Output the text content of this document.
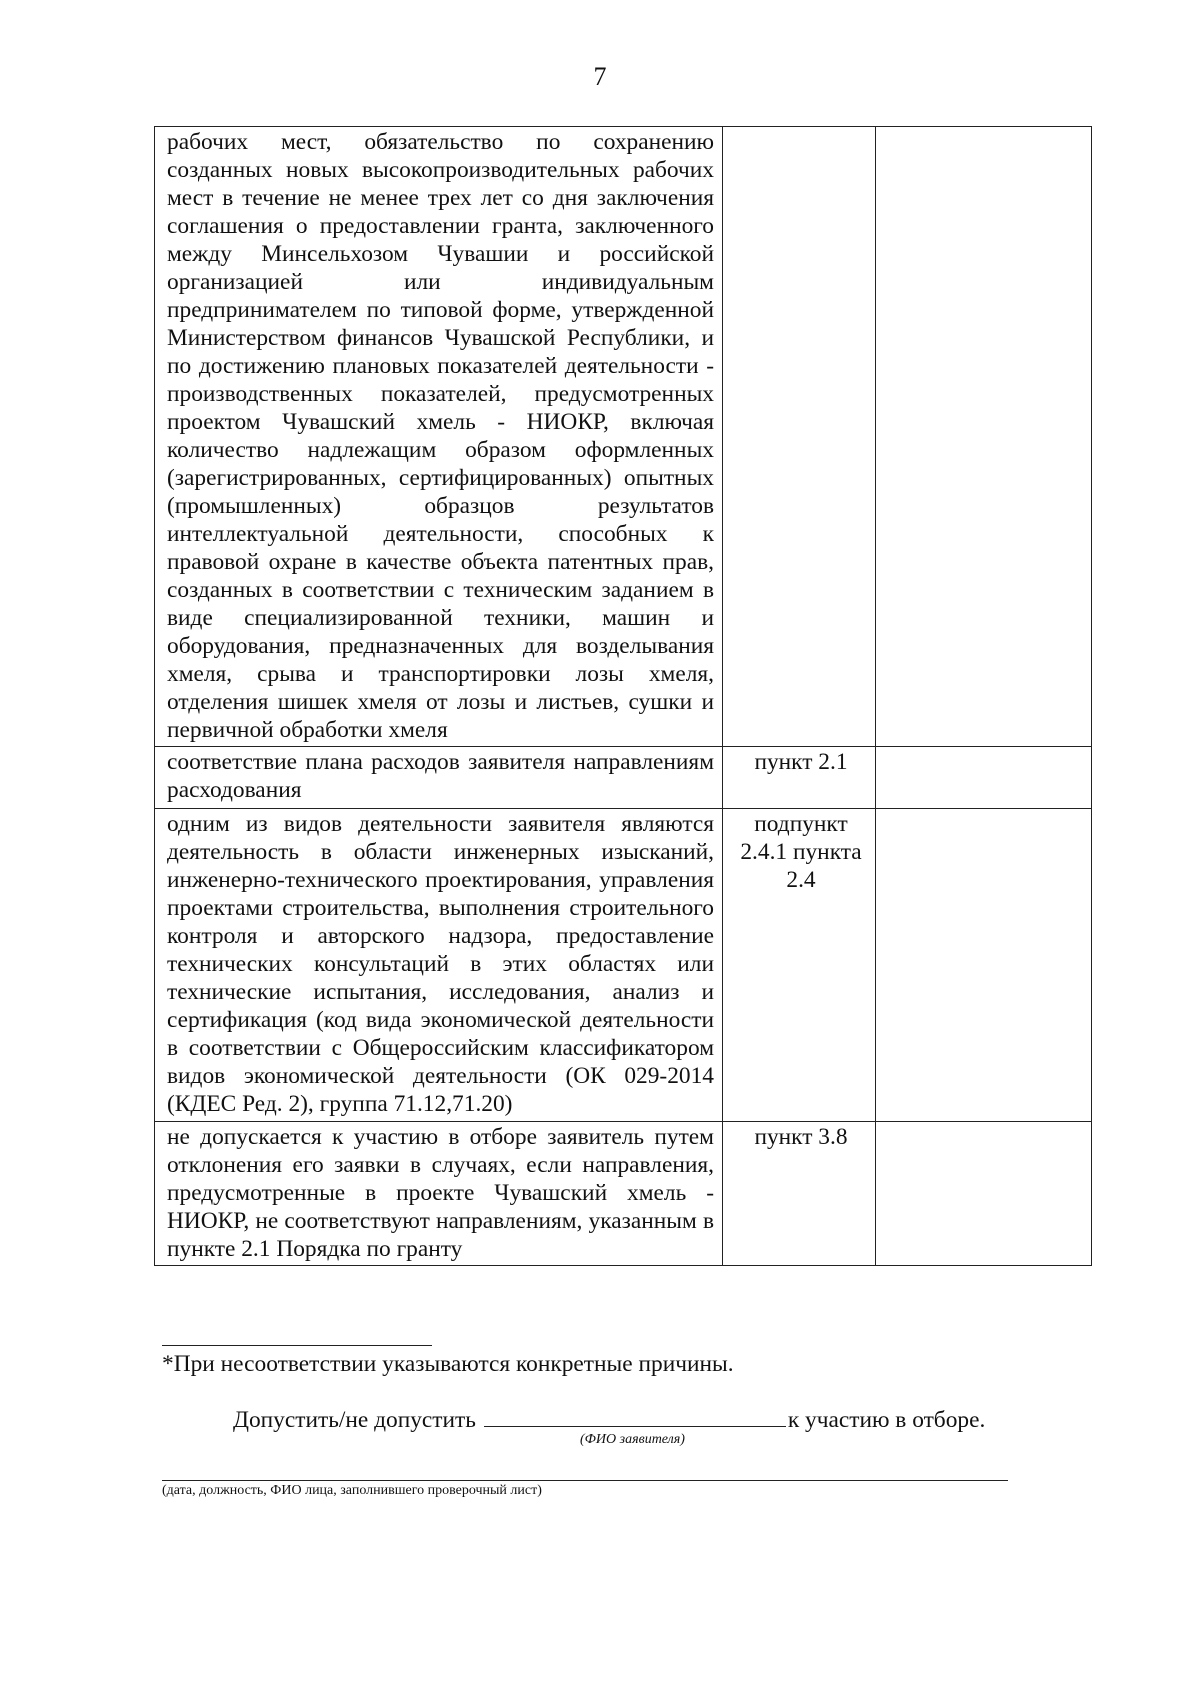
7
рабочих мест, обязательство по сохранению созданных новых высокопроизводительных рабочих мест в течение не менее трех лет со дня заключения соглашения о предоставлении гранта, заключенного между Минсельхозом Чувашии и российской организацией или индивидуальным предпринимателем по типовой форме, утвержденной Министерством финансов Чувашской Республики, и по достижению плановых показателей деятельности - производственных показателей, предусмотренных проектом Чувашский хмель - НИОКР, включая количество надлежащим образом оформленных (зарегистрированных, сертифицированных) опытных (промышленных) образцов результатов интеллектуальной деятельности, способных к правовой охране в качестве объекта патентных прав, созданных в соответствии с техническим заданием в виде специализированной техники, машин и оборудования, предназначенных для возделывания хмеля, срыва и транспортировки лозы хмеля, отделения шишек хмеля от лозы и листьев, сушки и первичной обработки хмеля		
соответствие плана расходов заявителя направлениям расходования	пункт 2.1	
одним из видов деятельности заявителя являются деятельность в области инженерных изысканий, инженерно-технического проектирования, управления проектами строительства, выполнения строительного контроля и авторского надзора, предоставление технических консультаций в этих областях или технические испытания, исследования, анализ и сертификация (код вида экономической деятельности в соответствии с Общероссийским классификатором видов экономической деятельности (ОК 029-2014 (КДЕС Ред. 2), группа 71.12,71.20)	подпункт 2.4.1 пункта 2.4	
не допускается к участию в отборе заявитель путем отклонения его заявки в случаях, если направления, предусмотренные в проекте Чувашский хмель - НИОКР, не соответствуют направлениям, указанным в пункте 2.1 Порядка по гранту	пункт 3.8	
*При несоответствии указываются конкретные причины.
Допустить/не допустить	к участию в отборе.
(ФИО заявителя)
(дата, должность, ФИО лица, заполнившего проверочный лист)
